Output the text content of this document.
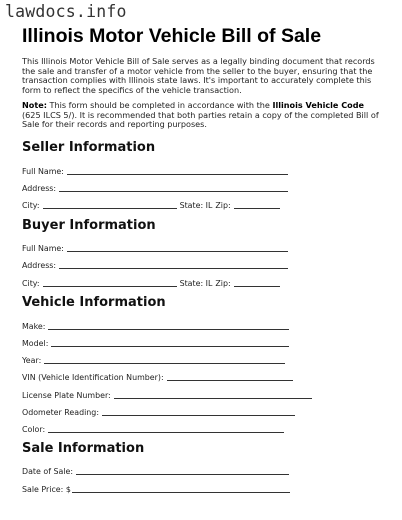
lawdocs.info
Illinois Motor Vehicle Bill of Sale

This Illinois Motor Vehicle Bill of Sale serves as a legally binding document that records the sale and transfer of a motor vehicle from the seller to the buyer, ensuring that the transaction complies with Illinois state laws. It's important to accurately complete this form to reflect the specifics of the vehicle transaction.

Note: This form should be completed in accordance with the Illinois Vehicle Code (625 ILCS 5/). It is recommended that both parties retain a copy of the completed Bill of Sale for their records and reporting purposes.

Seller Information
Full Name:
Address:
City:	State: IL Zip:
Buyer Information
Full Name:
Address:
City:	State: IL Zip:
Vehicle Information
Make:
Model:
Year:
VIN (Vehicle Identification Number):
License Plate Number:
Odometer Reading:
Color:
Sale Information
Date of Sale:
Sale Price: $
